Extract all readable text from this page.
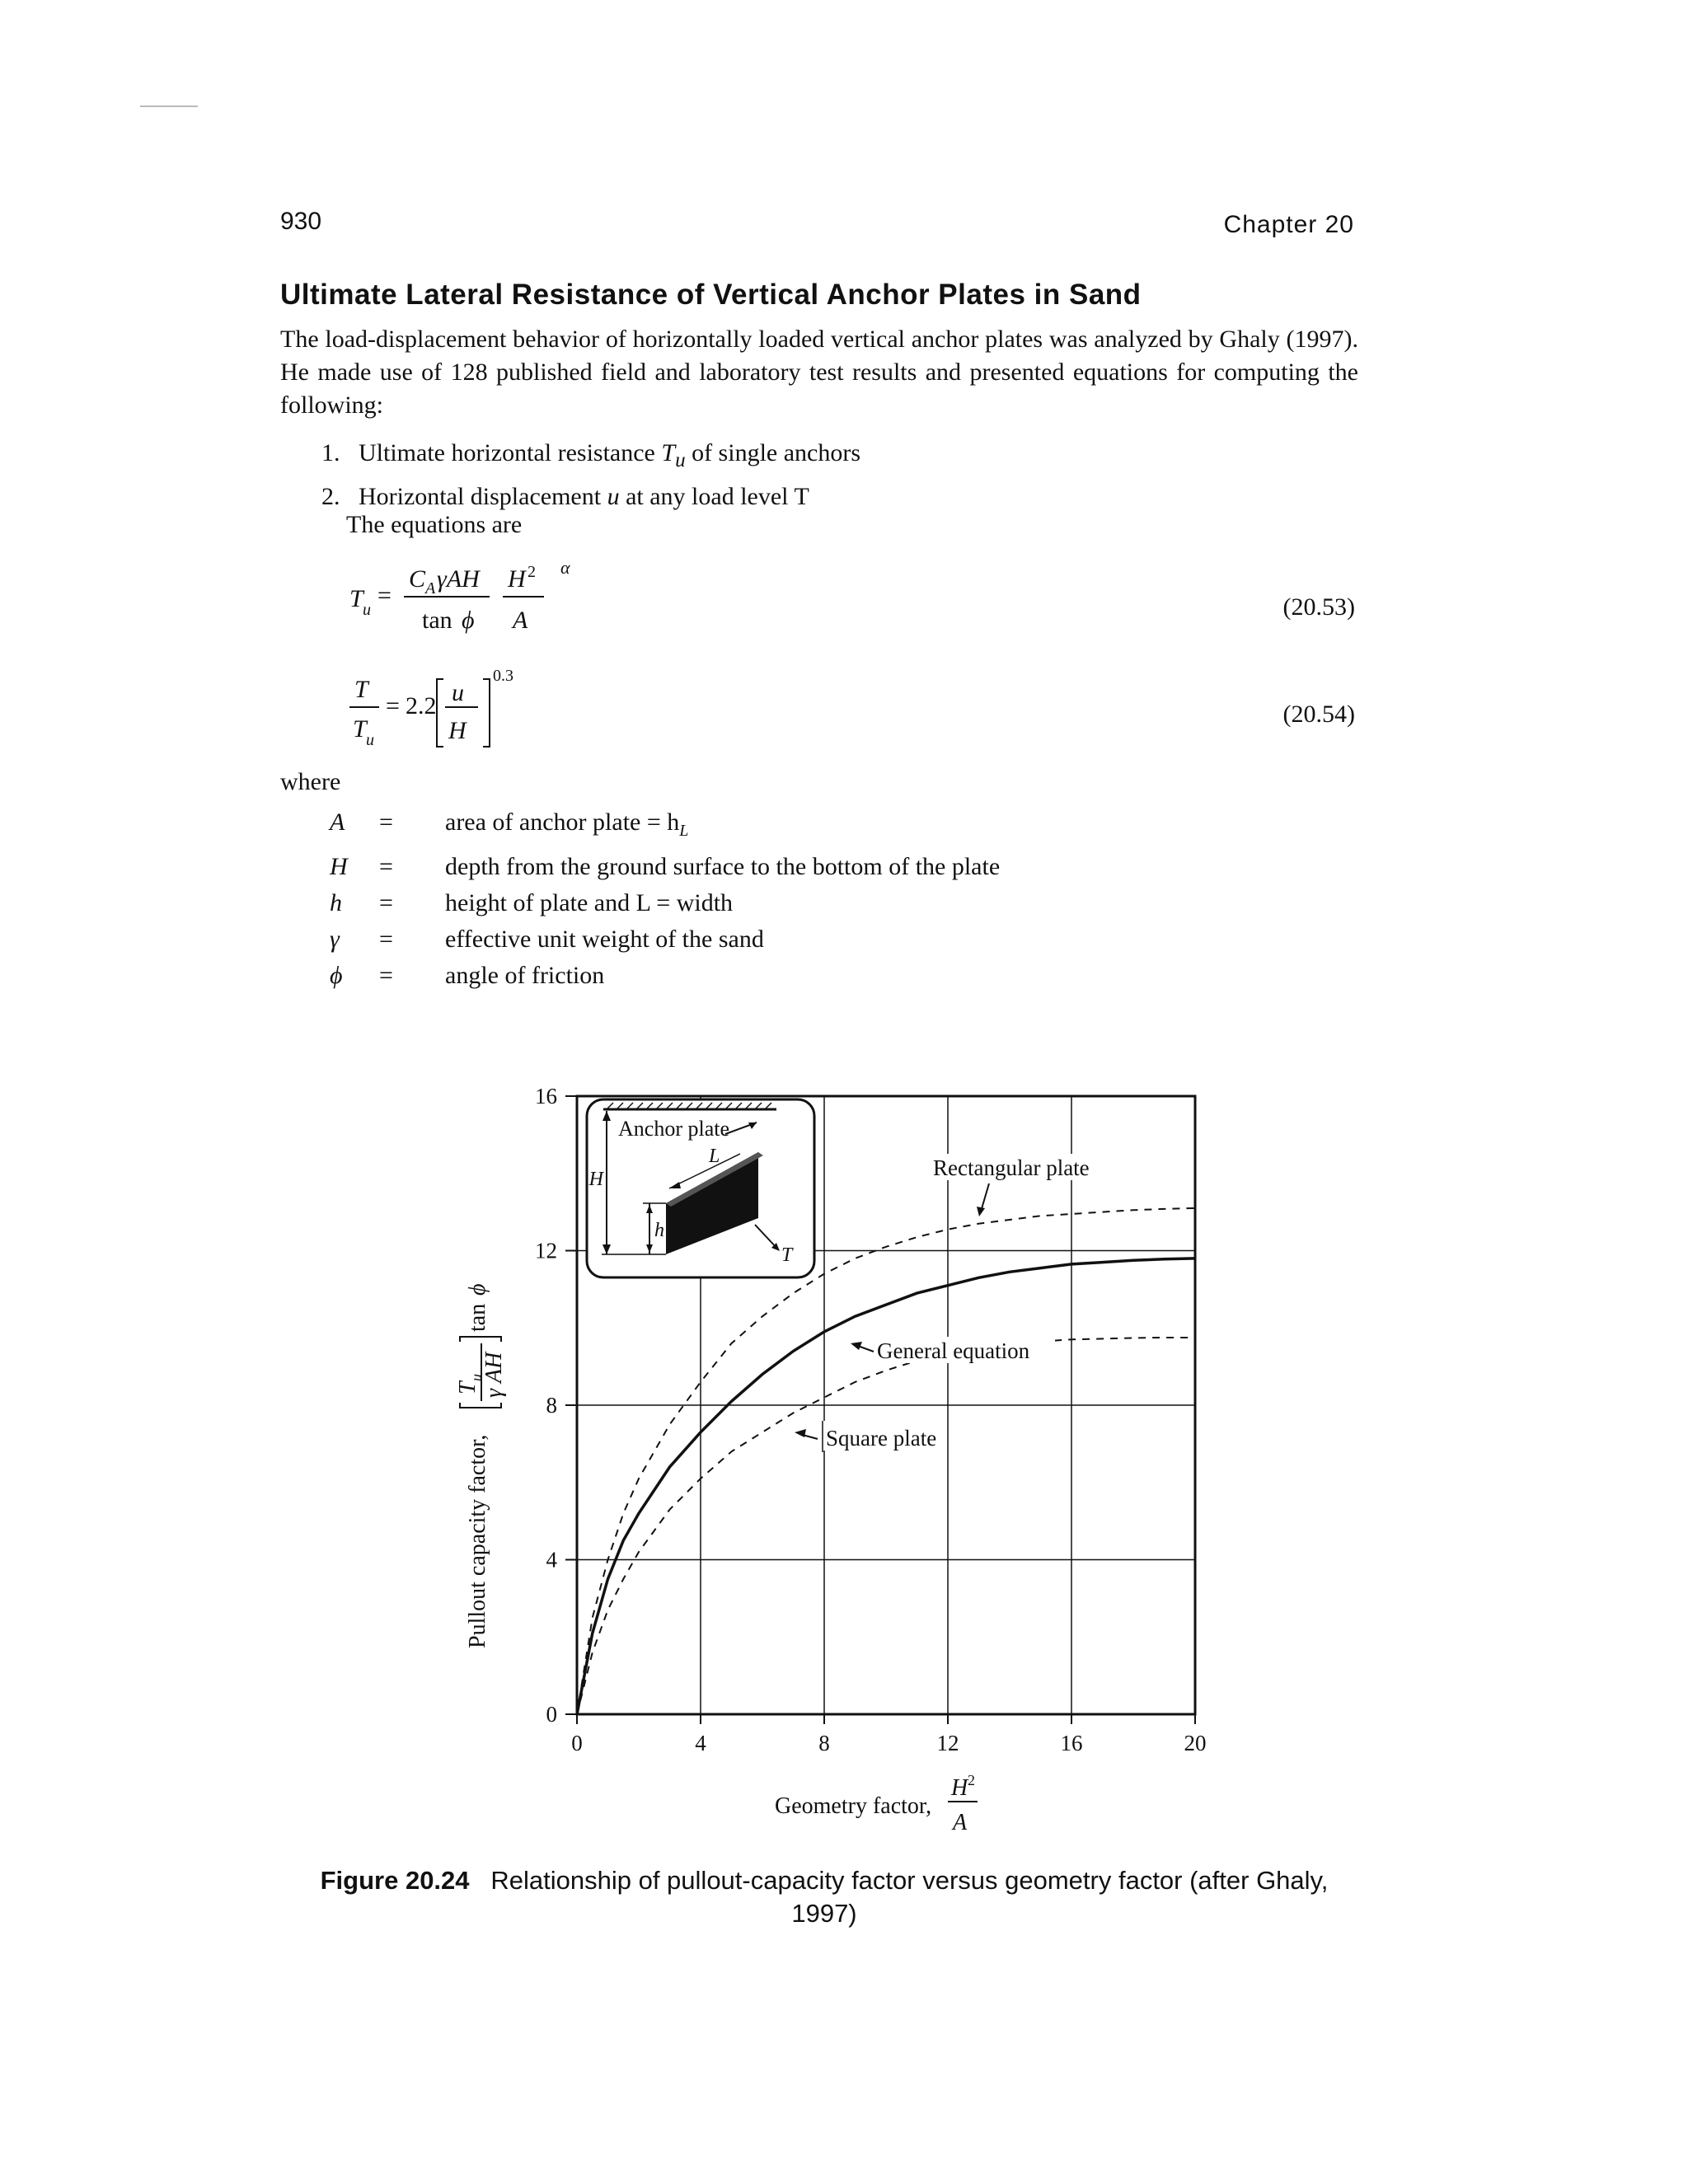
930	Chapter 20
Ultimate Lateral Resistance of Vertical Anchor Plates in Sand
The load-displacement behavior of horizontally loaded vertical anchor plates was analyzed by Ghaly (1997). He made use of 128 published field and laboratory test results and presented equations for computing the following:
1. Ultimate horizontal resistance $T_u$ of single anchors
2. Horizontal displacement u at any load level T
The equations are
T u
=
C A γAH
tan ϕ
H 2
A
α
(20.53)
T
T u
= 2.2 u
H
0.3
(20.54)
where
A	=	area of anchor plate = $h_L$
H	=	depth from the ground surface to the bottom of the plate
h	=	height of plate and L = width
γ	=	effective unit weight of the sand
ϕ	=	angle of friction
0	4	8	12	16	20
0
4
8
12
16
Anchor plate
H
h
L
T
Rectangular plate
General equation
Square plate
Pullout capacity factor,
T
u
γ AH
tan
ϕ
Geometry factor,
H 2
A
Figure 20.24 Relationship of pullout-capacity factor versus geometry factor (after Ghaly, 1997)
